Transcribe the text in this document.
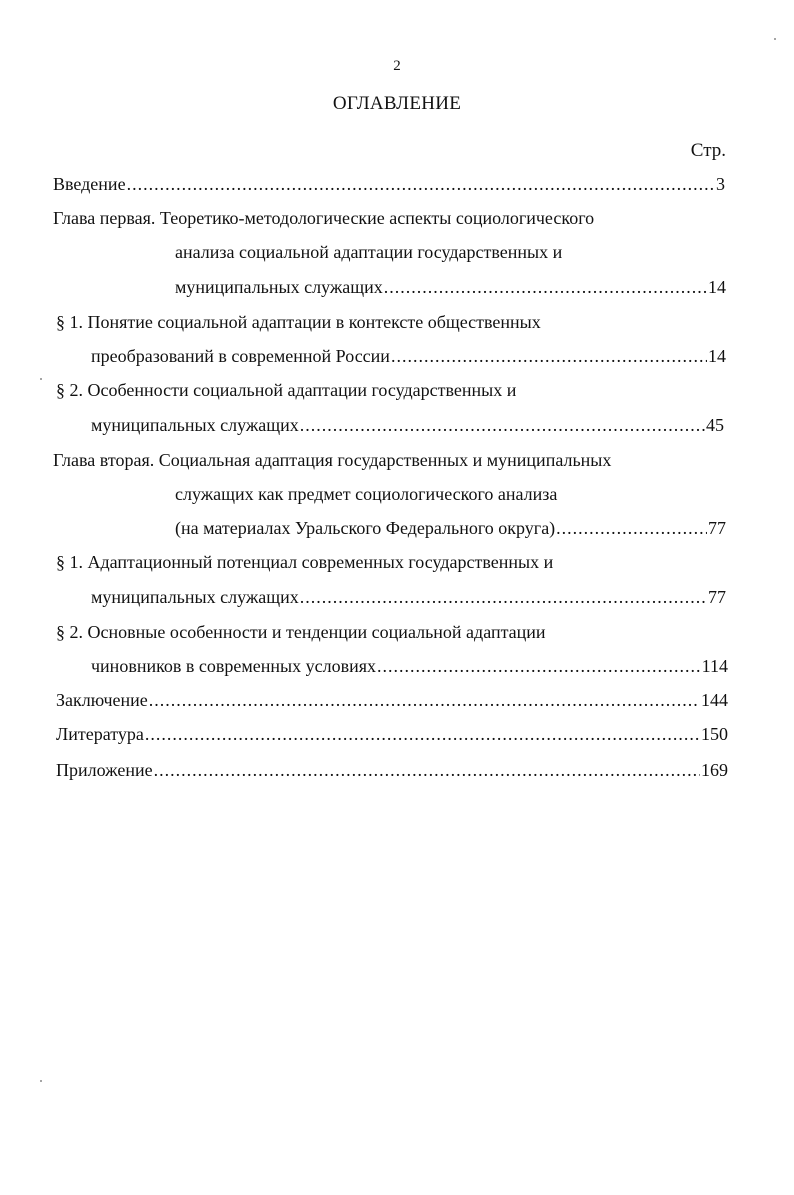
2
ОГЛАВЛЕНИЕ
Стр.
Введение .....	3
Глава первая. Теоретико-методологические аспекты социологического
анализа социальной адаптации государственных и
муниципальных служащих .....	14
§ 1. Понятие социальной адаптации в контексте общественных
преобразований в современной России .....	14
§ 2. Особенности социальной адаптации государственных и
муниципальных служащих .....	45
Глава вторая. Социальная адаптация государственных и муниципальных
служащих как предмет социологического анализа
(на материалах Уральского Федерального округа) .....	77
§ 1. Адаптационный потенциал современных государственных и
муниципальных служащих .....	77
§ 2. Основные особенности и тенденции социальной адаптации
чиновников в современных условиях .....	114
Заключение .....	144
Литература .....	150
Приложение .....	169
